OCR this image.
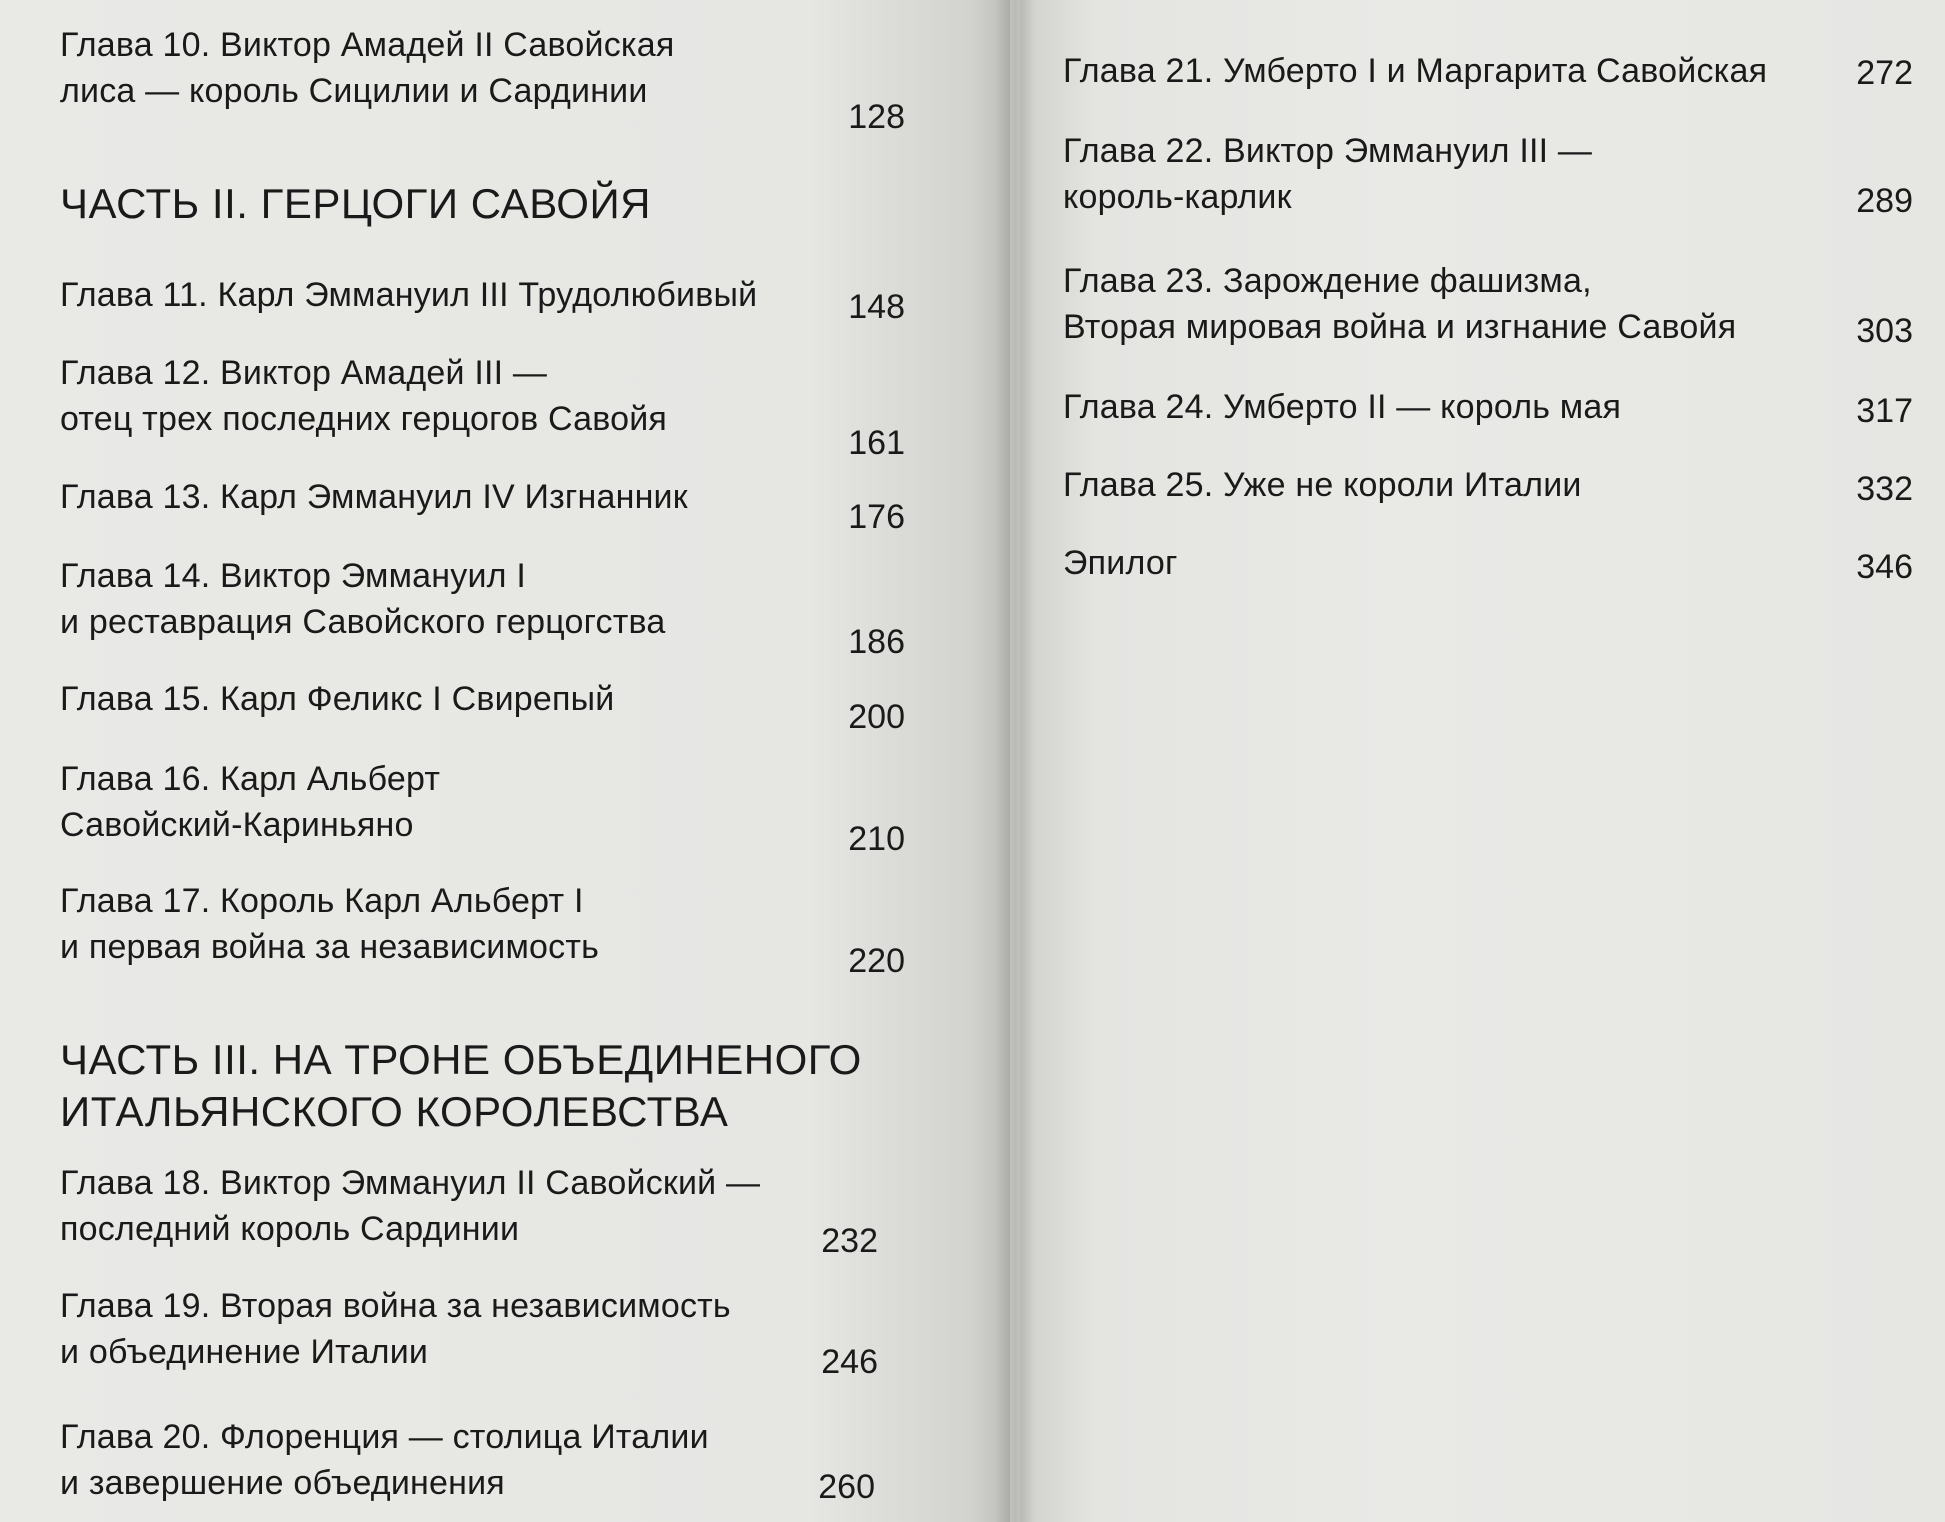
Глава 10. Виктор Амадей II Савойская
лиса — король Сицилии и Сардинии
128
ЧАСТЬ II. ГЕРЦОГИ САВОЙЯ
Глава 11. Карл Эммануил III Трудолюбивый	148
Глава 12. Виктор Амадей III —
отец трех последних герцогов Савойя
161
Глава 13. Карл Эммануил IV Изгнанник
176
Глава 14. Виктор Эммануил I
и реставрация Савойского герцогства
186
Глава 15. Карл Феликс I Свирепый	200
Глава 16. Карл Альберт
Савойский-Кариньяно	210
Глава 17. Король Карл Альберт I
и первая война за независимость	220
ЧАСТЬ III. НА ТРОНЕ ОБЪЕДИНЕНОГО
ИТАЛЬЯНСКОГО КОРОЛЕВСТВА
Глава 18. Виктор Эммануил II Савойский —
последний король Сардинии	232
Глава 19. Вторая война за независимость
и объединение Италии	246
Глава 20. Флоренция — столица Италии
и завершение объединения	260
Глава 21. Умберто I и Маргарита Савойская	272
Глава 22. Виктор Эммануил III —
король-карлик	289
Глава 23. Зарождение фашизма,
Вторая мировая война и изгнание Савойя	303
Глава 24. Умберто II — король мая	317
Глава 25. Уже не короли Италии	332
Эпилог	346
